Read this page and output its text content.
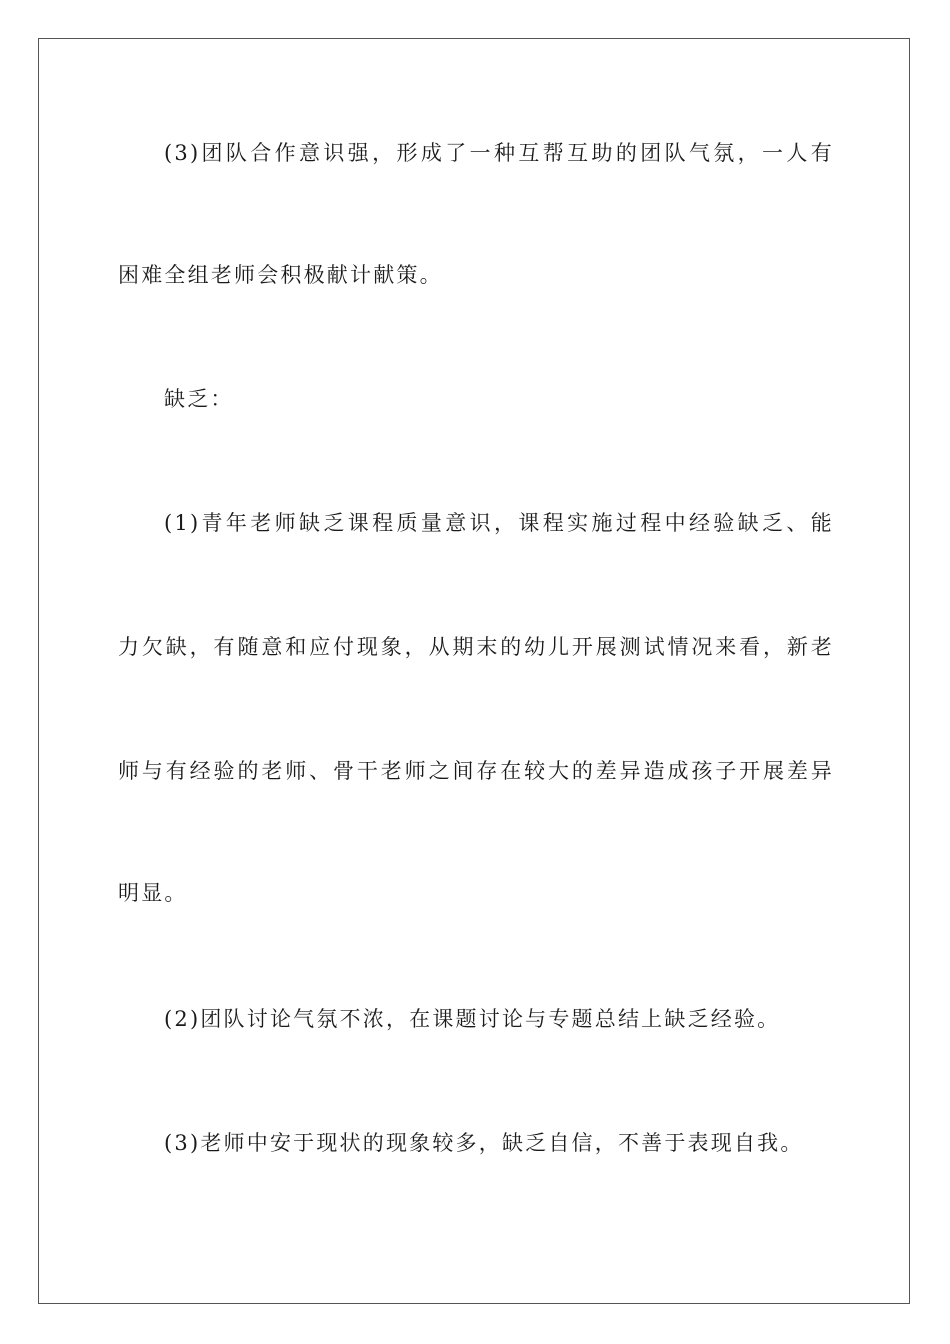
(3)团队合作意识强，形成了一种互帮互助的团队气氛，一人有

困难全组老师会积极献计献策。

缺乏：

(1)青年老师缺乏课程质量意识，课程实施过程中经验缺乏、能

力欠缺，有随意和应付现象，从期末的幼儿开展测试情况来看，新老

师与有经验的老师、骨干老师之间存在较大的差异造成孩子开展差异

明显。

(2)团队讨论气氛不浓，在课题讨论与专题总结上缺乏经验。

(3)老师中安于现状的现象较多，缺乏自信，不善于表现自我。
